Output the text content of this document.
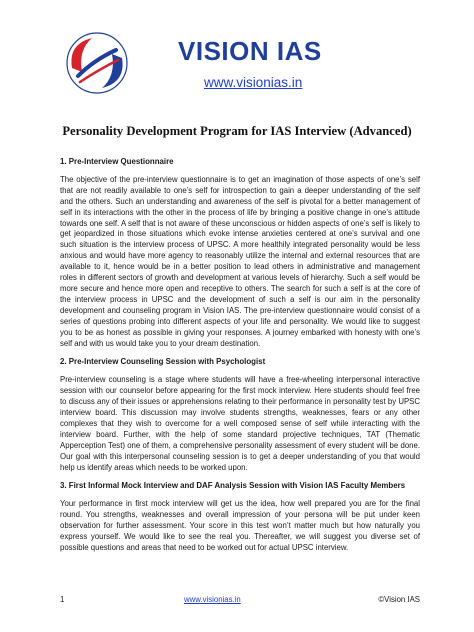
VISION IAS
www.visionias.in
Personality Development Program for IAS Interview (Advanced)
1. Pre-Interview Questionnaire

The objective of the pre-interview questionnaire is to get an imagination of those aspects of one’s self that are not readily available to one’s self for introspection to gain a deeper understanding of the self and the others. Such an understanding and awareness of the self is pivotal for a better management of self in its interactions with the other in the process of life by bringing a positive change in one’s attitude towards one self. A self that is not aware of these unconscious or hidden aspects of one’s self is likely to get jeopardized in those situations which evoke intense anxieties centered at one’s survival and one such situation is the interview process of UPSC. A more healthily integrated personality would be less anxious and would have more agency to reasonably utilize the internal and external resources that are available to it, hence would be in a better position to lead others in administrative and management roles in different sectors of growth and development at various levels of hierarchy. Such a self would be more secure and hence more open and receptive to others. The search for such a self is at the core of the interview process in UPSC and the development of such a self is our aim in the personality development and counseling program in Vision IAS. The pre-interview questionnaire would consist of a series of questions probing into different aspects of your life and personality. We would like to suggest you to be as honest as possible in giving your responses. A journey embarked with honesty with one’s self and with us would take you to your dream destination.

2. Pre-Interview Counseling Session with Psychologist

Pre-interview counseling is a stage where students will have a free-wheeling interpersonal interactive session with our counselor before appearing for the first mock interview. Here students should feel free to discuss any of their issues or apprehensions relating to their performance in personality test by UPSC interview board. This discussion may involve students strengths, weaknesses, fears or any other complexes that they wish to overcome for a well composed sense of self while interacting with the interview board. Further, with the help of some standard projective techniques, TAT (Thematic Apperception Test) one of them, a comprehensive personality assessment of every student will be done. Our goal with this interpersonal counseling session is to get a deeper understanding of you that would help us identify areas which needs to be worked upon.

3. First Informal Mock Interview and DAF Analysis Session with Vision IAS Faculty Members

Your performance in first mock interview will get us the idea, how well prepared you are for the final round. You strengths, weaknesses and overall impression of your persona will be put under keen observation for further assessment. Your score in this test won’t matter much but how naturally you express yourself. We would like to see the real you. Thereafter, we will suggest you diverse set of possible questions and areas that need to be worked out for actual UPSC interview.

1	www.visionias.in	©Vision IAS
